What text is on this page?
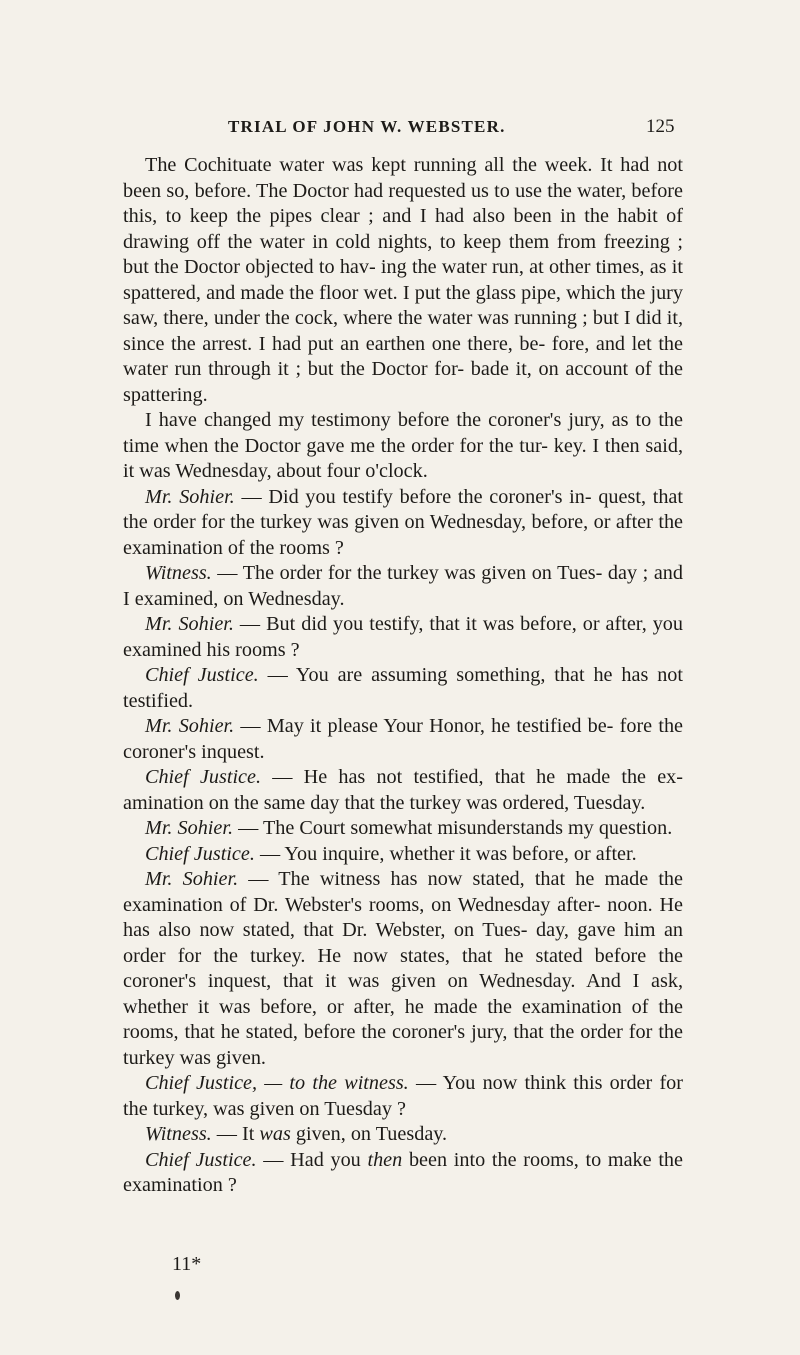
TRIAL OF JOHN W. WEBSTER.	125

The Cochituate water was kept running all the week. It had not been so, before. The Doctor had requested us to use the water, before this, to keep the pipes clear ; and I had also been in the habit of drawing off the water in cold nights, to keep them from freezing ; but the Doctor objected to hav- ing the water run, at other times, as it spattered, and made the floor wet. I put the glass pipe, which the jury saw, there, under the cock, where the water was running ; but I did it, since the arrest. I had put an earthen one there, be- fore, and let the water run through it ; but the Doctor for- bade it, on account of the spattering.

I have changed my testimony before the coroner's jury, as to the time when the Doctor gave me the order for the tur- key. I then said, it was Wednesday, about four o'clock.

Mr. Sohier. — Did you testify before the coroner's in- quest, that the order for the turkey was given on Wednesday, before, or after the examination of the rooms ?

Witness. — The order for the turkey was given on Tues- day ; and I examined, on Wednesday.

Mr. Sohier. — But did you testify, that it was before, or after, you examined his rooms ?

Chief Justice. — You are assuming something, that he has not testified.

Mr. Sohier. — May it please Your Honor, he testified be- fore the coroner's inquest.

Chief Justice. — He has not testified, that he made the ex- amination on the same day that the turkey was ordered, Tuesday.

Mr. Sohier. — The Court somewhat misunderstands my question.

Chief Justice. — You inquire, whether it was before, or after.

Mr. Sohier. — The witness has now stated, that he made the examination of Dr. Webster's rooms, on Wednesday after- noon. He has also now stated, that Dr. Webster, on Tues- day, gave him an order for the turkey. He now states, that he stated before the coroner's inquest, that it was given on Wednesday. And I ask, whether it was before, or after, he made the examination of the rooms, that he stated, before the coroner's jury, that the order for the turkey was given.

Chief Justice, — to the witness. — You now think this order for the turkey, was given on Tuesday ?

Witness. — It was given, on Tuesday.

Chief Justice. — Had you then been into the rooms, to make the examination ?

11*
